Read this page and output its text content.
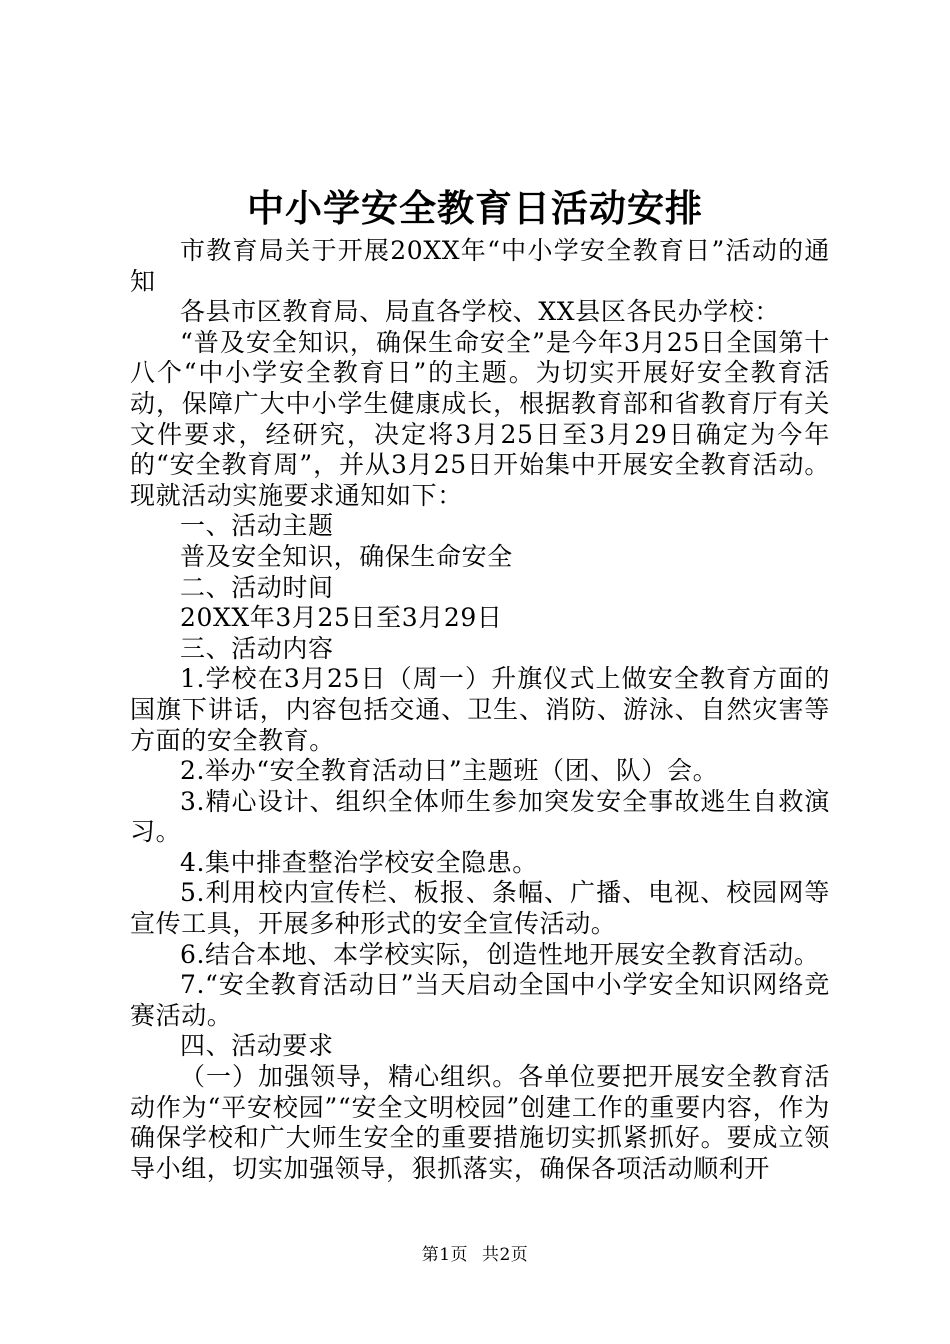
中小学安全教育日活动安排

市教育局关于开展20XX年“中小学安全教育日”活动的通知

各县市区教育局、局直各学校、XX县区各民办学校：

“普及安全知识，确保生命安全”是今年3月25日全国第十八个“中小学安全教育日”的主题。为切实开展好安全教育活动，保障广大中小学生健康成长，根据教育部和省教育厅有关文件要求，经研究，决定将3月25日至3月29日确定为今年的“安全教育周”，并从3月25日开始集中开展安全教育活动。现就活动实施要求通知如下：

一、活动主题

普及安全知识，确保生命安全

二、活动时间

20XX年3月25日至3月29日

三、活动内容

1.学校在3月25日（周一）升旗仪式上做安全教育方面的国旗下讲话，内容包括交通、卫生、消防、游泳、自然灾害等方面的安全教育。

2.举办“安全教育活动日”主题班（团、队）会。

3.精心设计、组织全体师生参加突发安全事故逃生自救演习。

4.集中排查整治学校安全隐患。

5.利用校内宣传栏、板报、条幅、广播、电视、校园网等宣传工具，开展多种形式的安全宣传活动。

6.结合本地、本学校实际，创造性地开展安全教育活动。

7.“安全教育活动日”当天启动全国中小学安全知识网络竞赛活动。

四、活动要求

（一）加强领导，精心组织。各单位要把开展安全教育活动作为“平安校园”“安全文明校园”创建工作的重要内容，作为确保学校和广大师生安全的重要措施切实抓紧抓好。要成立领导小组，切实加强领导，狠抓落实，确保各项活动顺利开

第1页 共2页
